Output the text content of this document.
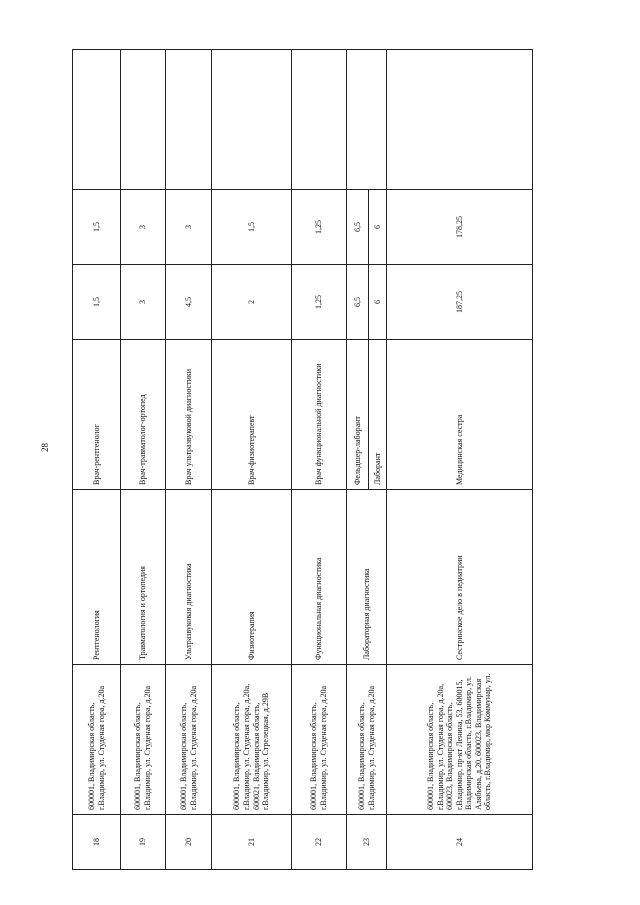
28
18	600001, Владимирская область, г.Владимир, ул. Студеная гора, д.20а	Рентгенология	Врач-рентгенолог	1,5	1,5	
19	600001, Владимирская область, г.Владимир, ул. Студеная гора, д.20а	Травматология и ортопедия	Врач-травматолог-ортопед	3	3	
20	600001, Владимирская область, г.Владимир, ул. Студеная гора, д.20а	Ультразвуковая диагностика	Врач ультразвуковой диагностики	4,5	3	
21	600001, Владимирская область, г.Владимир, ул. Студеная гора, д.20а, 600021, Владимирская область, г.Владимир, ул. Стрелецкая, д.29В	Физиотерапия	Врач-физиотерапевт	2	1,5	
22	600001, Владимирская область, г.Владимир, ул. Студеная гора, д.20а	Функциональная диагностика	Врач функциональной диагностики	1,25	1,25	
23	600001, Владимирская область, г.Владимир, ул. Студеная гора, д.20а	Лабораторная диагностика	Фельдшер-лаборант	6,5	6,5	
			Лаборант	6	6	
24	600001, Владимирская область, г.Владимир, ул. Студеная гора, д.20а, 600023, Владимирская область, г.Владимир, пр-кт Ленина, 53, 600015, Владимирская область, г.Владимир, ул. Алябьева, д.20, 600023, Владимирская область, г.Владимир, мкр Коммунар, ул.	Сестринское дело в педиатрии	Медицинская сестра	187,25	178,25	
